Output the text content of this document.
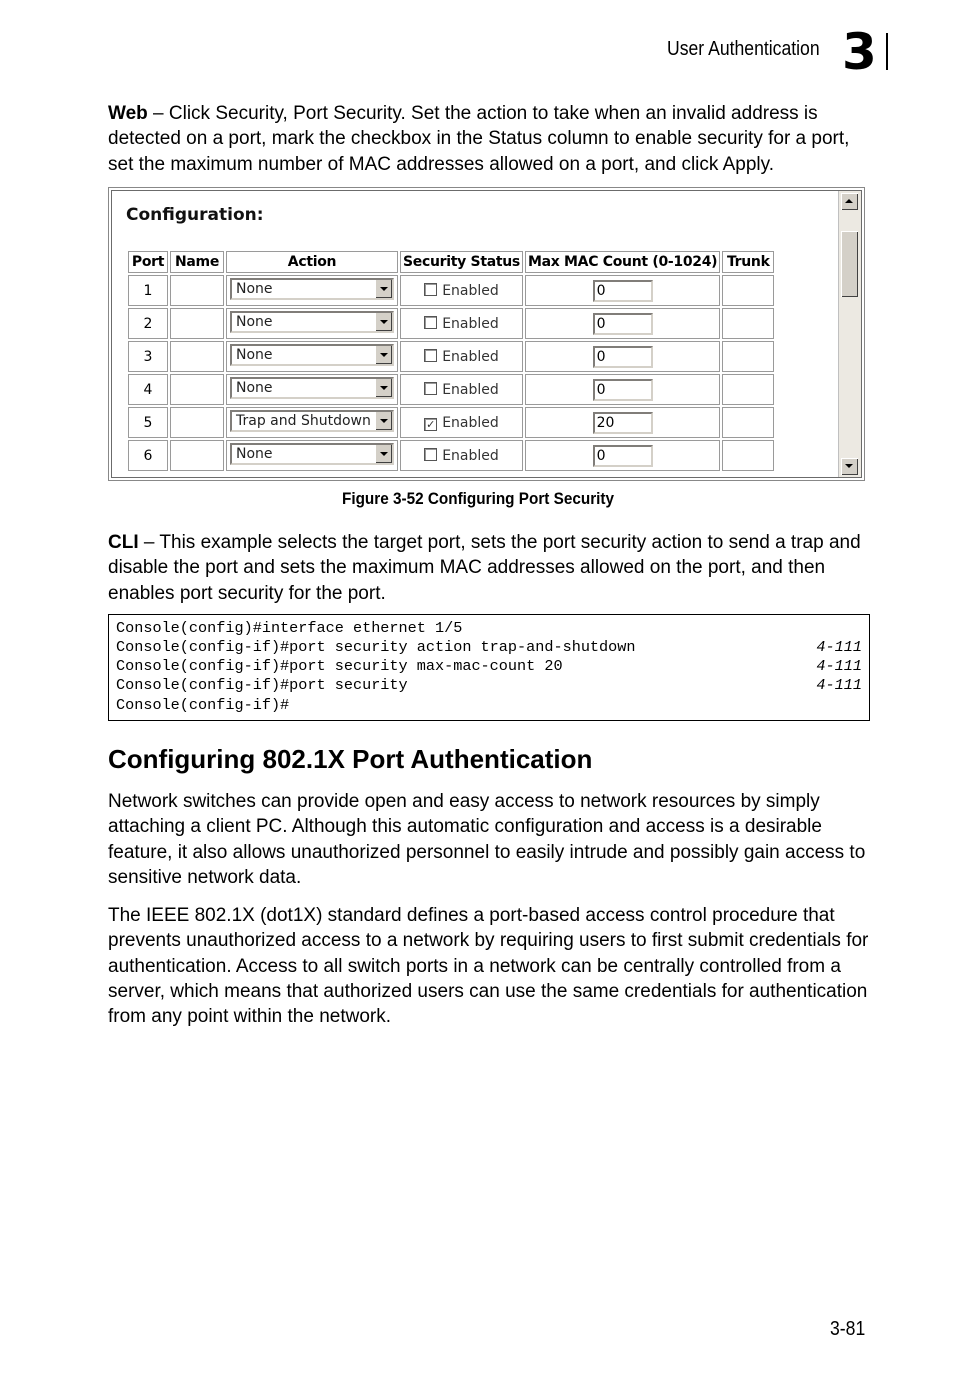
User Authentication 3
Web – Click Security, Port Security. Set the action to take when an invalid address is detected on a port, mark the checkbox in the Status column to enable security for a port, set the maximum number of MAC addresses allowed on a port, and click Apply.
Configuration:
Port	Name	Action	Security Status	Max MAC Count (0-1024)	Trunk
1		None	Enabled	0	
2		None	Enabled	0	
3		None	Enabled	0	
4		None	Enabled	0	
5		Trap and Shutdown	✓ Enabled	20	
6		None	Enabled	0	
Figure 3-52 Configuring Port Security
CLI – This example selects the target port, sets the port security action to send a trap and disable the port and sets the maximum MAC addresses allowed on the port, and then enables port security for the port.
Console(config)#interface ethernet 1/5
Console(config-if)#port security action trap-and-shutdown	4-111
Console(config-if)#port security max-mac-count 20	4-111
Console(config-if)#port security	4-111
Console(config-if)#
Configuring 802.1X Port Authentication
Network switches can provide open and easy access to network resources by simply attaching a client PC. Although this automatic configuration and access is a desirable feature, it also allows unauthorized personnel to easily intrude and possibly gain access to sensitive network data.
The IEEE 802.1X (dot1X) standard defines a port-based access control procedure that prevents unauthorized access to a network by requiring users to first submit credentials for authentication. Access to all switch ports in a network can be centrally controlled from a server, which means that authorized users can use the same credentials for authentication from any point within the network.
3-81
